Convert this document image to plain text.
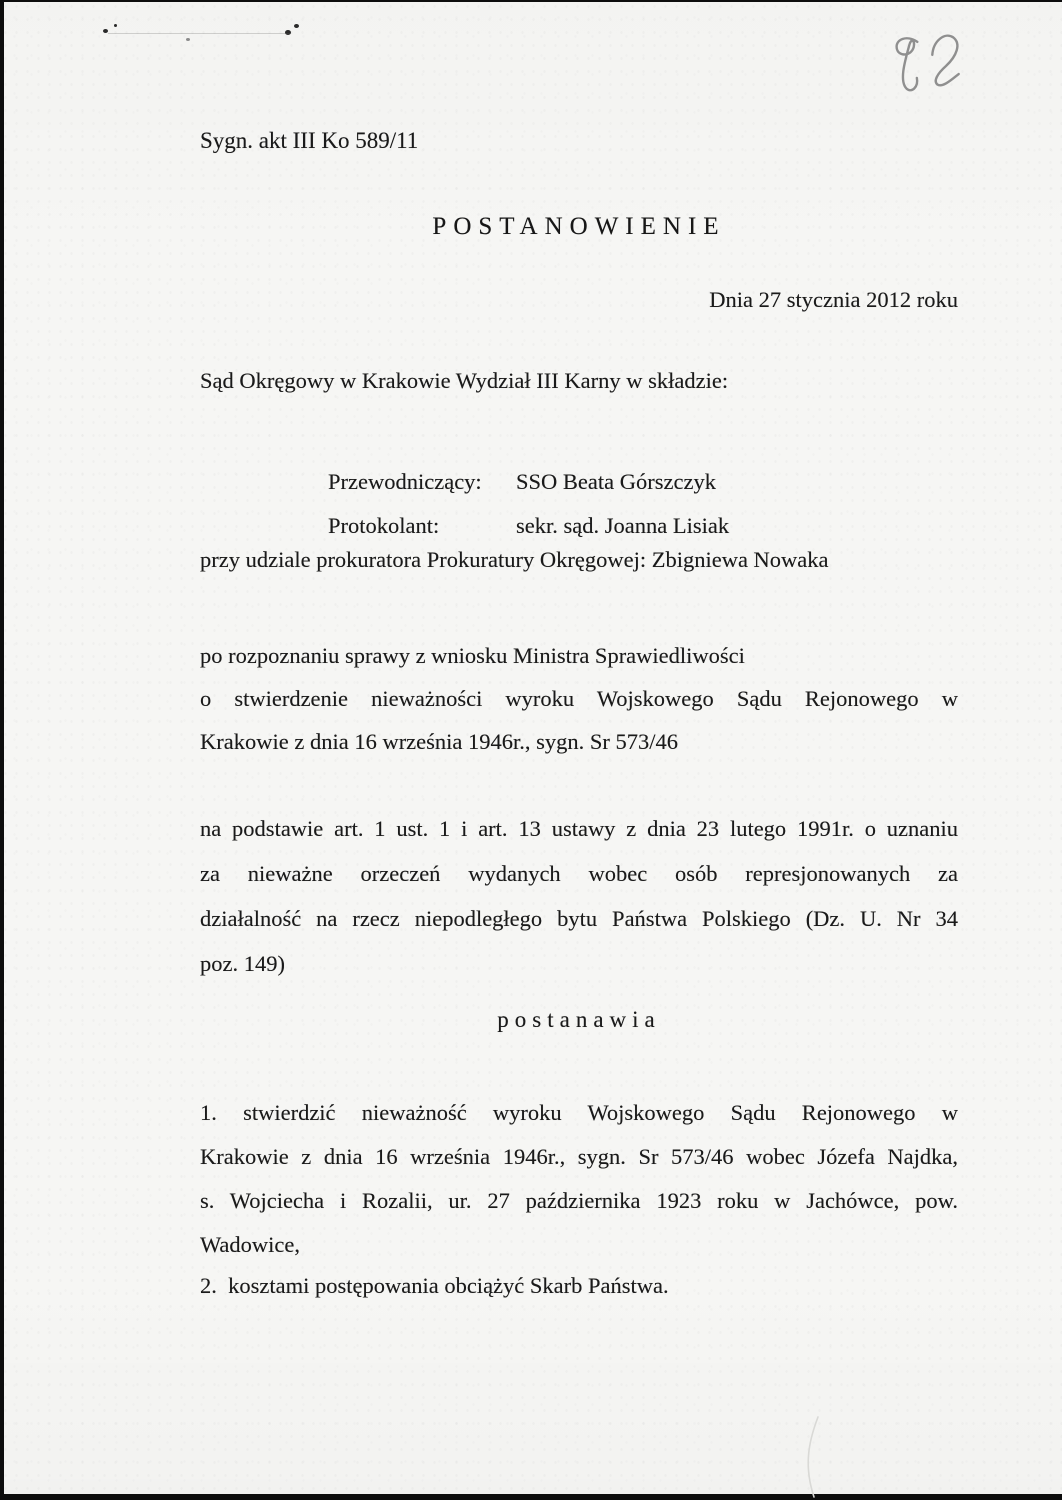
Sygn. akt III Ko 589/11
POSTANOWIENIE
Dnia 27 stycznia 2012 roku
Sąd Okręgowy w Krakowie Wydział III Karny w składzie:
Przewodniczący:	SSO Beata Górszczyk
Protokolant:	sekr. sąd. Joanna Lisiak
przy udziale prokuratora Prokuratury Okręgowej: Zbigniewa Nowaka
po rozpoznaniu sprawy z wniosku Ministra Sprawiedliwości
o stwierdzenie nieważności wyroku Wojskowego Sądu Rejonowego w
Krakowie z dnia 16 września 1946r., sygn. Sr 573/46
na podstawie art. 1 ust. 1 i art. 13 ustawy z dnia 23 lutego 1991r. o uznaniu
za nieważne orzeczeń wydanych wobec osób represjonowanych za
działalność na rzecz niepodległego bytu Państwa Polskiego (Dz. U. Nr 34
poz. 149)
postanawia
1. stwierdzić nieważność wyroku Wojskowego Sądu Rejonowego w
Krakowie z dnia 16 września 1946r., sygn. Sr 573/46 wobec Józefa Najdka,
s. Wojciecha i Rozalii, ur. 27 października 1923 roku w Jachówce, pow.
Wadowice,
2.  kosztami postępowania obciążyć Skarb Państwa.
